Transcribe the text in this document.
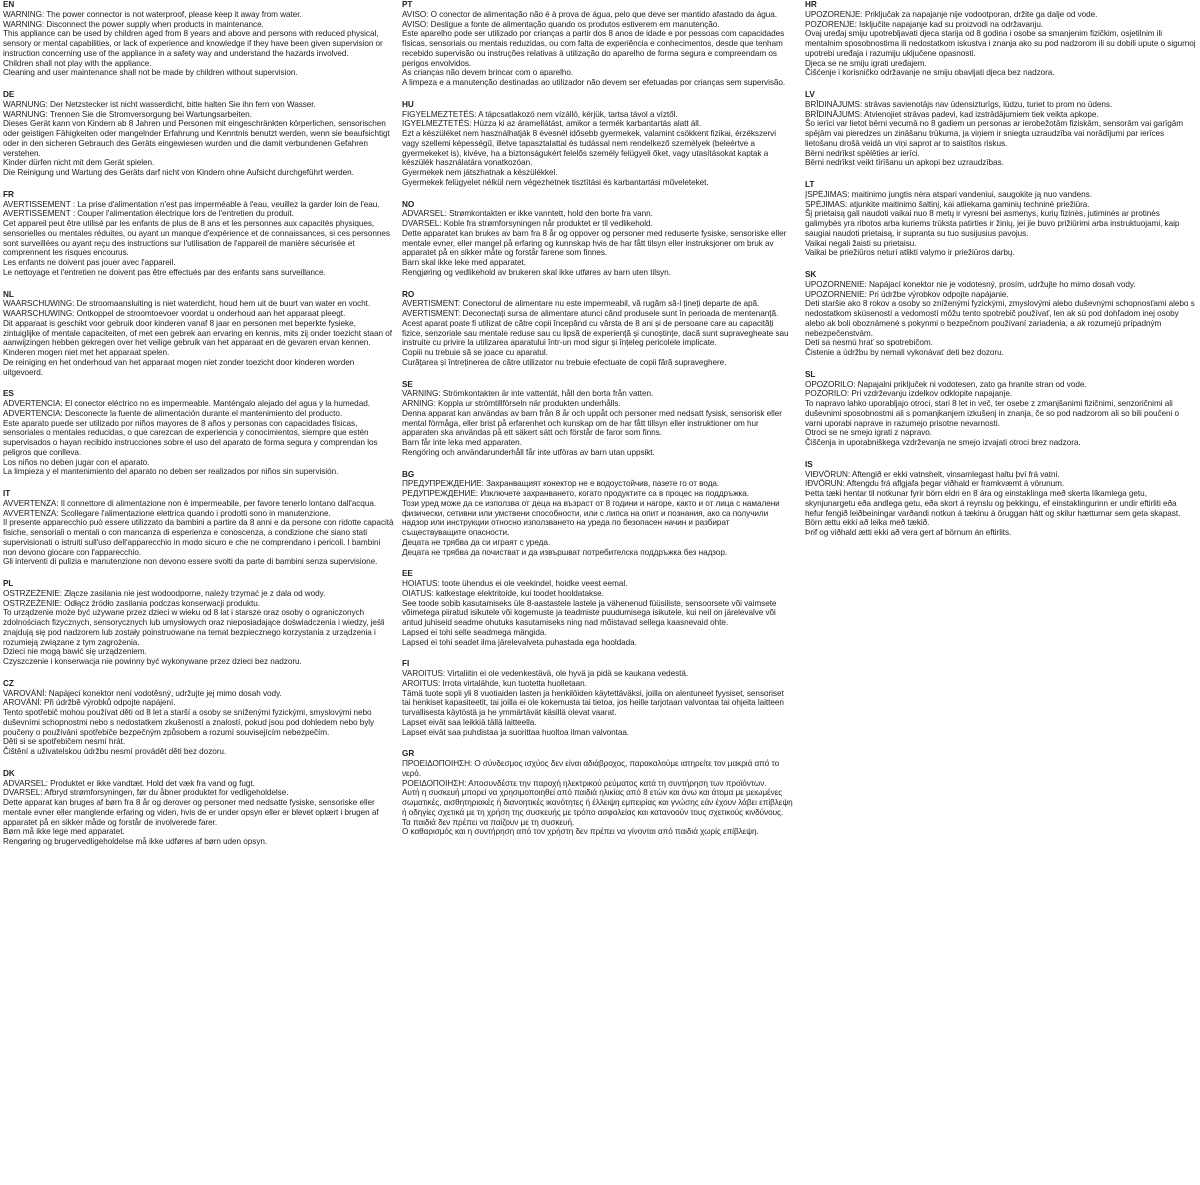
EN
WARNING: The power connector is not waterproof, please keep it away from water.
WARNING: Disconnect the power supply when products in maintenance.
This appliance can be used by children aged from 8 years and above and persons with reduced physical, sensory or mental capabilities, or lack of experience and knowledge if they have been given supervision or instruction concerning use of the appliance in a safety way and understand the hazards involved.
Children shall not play with the appliance.
Cleaning and user maintenance shall not be made by children without supervision.
DE
WARNUNG: Der Netzstecker ist nicht wasserdicht, bitte halten Sie ihn fern von Wasser.
WARNUNG: Trennen Sie die Stromversorgung bei Wartungsarbeiten.
Dieses Gerät kann von Kindern ab 8 Jahren und Personen mit eingeschränkten körperlichen, sensorischen oder geistigen Fähigkeiten oder mangelnder Erfahrung und Kenntnis benutzt werden, wenn sie beaufsichtigt oder in den sicheren Gebrauch des Geräts eingewiesen wurden und die damit verbundenen Gefahren verstehen.
Kinder dürfen nicht mit dem Gerät spielen.
Die Reinigung und Wartung des Geräts darf nicht von Kindern ohne Aufsicht durchgeführt werden.
FR
AVERTISSEMENT : La prise d'alimentation n'est pas imperméable à l'eau, veuillez la garder loin de l'eau.
AVERTISSEMENT : Couper l'alimentation électrique lors de l'entretien du produit.
Cet appareil peut être utilisé par les enfants de plus de 8 ans et les personnes aux capacités physiques, sensorielles ou mentales réduites, ou ayant un manque d'expérience et de connaissances, si ces personnes sont surveillées ou ayant reçu des instructions sur l'utilisation de l'appareil de manière sécurisée et comprennent les risques encourus.
Les enfants ne doivent pas jouer avec l'appareil.
Le nettoyage et l'entretien ne doivent pas être effectués par des enfants sans surveillance.
NL
WAARSCHUWING: De stroomaansluiting is niet waterdicht, houd hem uit de buurt van water en vocht.
WAARSCHUWING: Ontkoppel de stroomtoevoer voordat u onderhoud aan het apparaat pleegt.
Dit apparaat is geschikt voor gebruik door kinderen vanaf 8 jaar en personen met beperkte fysieke, zintuiglijke of mentale capaciteiten, of met een gebrek aan ervaring en kennis, mits zij onder toezicht staan of aanwijzingen hebben gekregen over het veilige gebruik van het apparaat en de gevaren ervan kennen.
Kinderen mogen niet met het apparaat spelen.
De reiniging en het onderhoud van het apparaat mogen niet zonder toezicht door kinderen worden uitgevoerd.
ES
ADVERTENCIA: El conector eléctrico no es impermeable. Manténgalo alejado del agua y la humedad.
ADVERTENCIA: Desconecte la fuente de alimentación durante el mantenimiento del producto.
Este aparato puede ser utilizado por niños mayores de 8 años y personas con capacidades físicas, sensoriales o mentales reducidas, o que carezcan de experiencia y conocimientos, siempre que estén supervisados o hayan recibido instrucciones sobre el uso del aparato de forma segura y comprendan los peligros que conlleva.
Los niños no deben jugar con el aparato.
La limpieza y el mantenimiento del aparato no deben ser realizados por niños sin supervisión.
IT
AVVERTENZA: Il connettore di alimentazione non è impermeabile, per favore tenerlo lontano dall'acqua.
AVVERTENZA: Scollegare l'alimentazione elettrica quando i prodotti sono in manutenzione.
Il presente apparecchio può essere utilizzato da bambini a partire da 8 anni e da persone con ridotte capacità fisiche, sensoriali o mentali o con mancanza di esperienza e conoscenza, a condizione che siano stati supervisionati o istruiti sull'uso dell'apparecchio in modo sicuro e che ne comprendano i pericoli. I bambini non devono giocare con l'apparecchio.
Gli interventi di pulizia e manutenzione non devono essere svolti da parte di bambini senza supervisione.
PL
OSTRZEŻENIE: Złącze zasilania nie jest wodoodporne, należy trzymać je z dala od wody.
OSTRZEŻENIE: Odłącz źródło zasilania podczas konserwacji produktu.
To urządzenie może być używane przez dzieci w wieku od 8 lat i starsze oraz osoby o ograniczonych zdolnościach fizycznych, sensorycznych lub umysłowych oraz nieposiadające doświadczenia i wiedzy, jeśli znajdują się pod nadzorem lub zostały poinstruowane na temat bezpiecznego korzystania z urządzenia i rozumieją związane z tym zagrożenia.
Dzieci nie mogą bawić się urządzeniem.
Czyszczenie i konserwacja nie powinny być wykonywane przez dzieci bez nadzoru.
CZ
VAROVÁNÍ: Napájecí konektor není vodotěsný, udržujte jej mimo dosah vody.
AROVÁNÍ: Při údržbě výrobků odpojte napájení.
Tento spotřebič mohou používat děti od 8 let a starší a osoby se sníženými fyzickými, smyslovými nebo duševními schopnostmi nebo s nedostatkem zkušeností a znalostí, pokud jsou pod dohledem nebo byly poučeny o používání spotřebiče bezpečným způsobem a rozumí souvisejícím nebezpečím.
Děti si se spotřebičem nesmí hrát.
Čištění a uživatelskou údržbu nesmí provádět děti bez dozoru.
DK
ADVARSEL: Produktet er ikke vandtæt. Hold det væk fra vand og fugt.
DVARSEL: Afbryd strømforsyningen, før du åbner produktet for vedligeholdelse.
Dette apparat kan bruges af børn fra 8 år og derover og personer med nedsatte fysiske, sensoriske eller mentale evner eller manglende erfaring og viden, hvis de er under opsyn eller er blevet oplært i brugen af apparatet på en sikker måde og forstår de involverede farer.
Børn må ikke lege med apparatet.
Rengøring og brugervedligeholdelse må ikke udføres af børn uden opsyn.
PT
AVISO: O conector de alimentação não é à prova de água, pelo que deve ser mantido afastado da água.
AVISO: Desligue a fonte de alimentação quando os produtos estiverem em manutenção.
Este aparelho pode ser utilizado por crianças a partir dos 8 anos de idade e por pessoas com capacidades físicas, sensoriais ou mentais reduzidas, ou com falta de experiência e conhecimentos, desde que tenham recebido supervisão ou instruções relativas à utilização do aparelho de forma segura e compreendam os perigos envolvidos.
As crianças não devem brincar com o aparelho.
A limpeza e a manutenção destinadas ao utilizador não devem ser efetuadas por crianças sem supervisão.
HU
FIGYELMEZTETÉS: A tápcsatlakozó nem vízálló, kérjük, tartsa távol a víztől.
IGYELMEZTETÉS: Húzza ki az áramellátást, amikor a termék karbantartás alatt áll.
Ezt a készüléket nem használhatják 8 évesnél idősebb gyermekek, valamint csökkent fizikai, érzékszervi vagy szellemi képességű, illetve tapasztalattal és tudással nem rendelkező személyek (beleértve a gyermekeket is), kivéve, ha a biztonságukért felelős személy felügyeli őket, vagy utasításokat kaptak a készülék használatára vonatkozóan.
Gyermekek nem játszhatnak a készülékkel.
Gyermekek felügyelet nélkül nem végezhetnek tisztítási és karbantartási műveleteket.
NO
ADVARSEL: Strømkontakten er ikke vanntett, hold den borte fra vann.
DVARSEL: Koble fra strømforsyningen når produktet er til vedlikehold.
Dette apparatet kan brukes av barn fra 8 år og oppover og personer med reduserte fysiske, sensoriske eller mentale evner, eller mangel på erfaring og kunnskap hvis de har fått tilsyn eller instruksjoner om bruk av apparatet på en sikker måte og forstår farene som finnes.
Barn skal ikke leke med apparatet.
Rengjøring og vedlikehold av brukeren skal ikke utføres av barn uten tilsyn.
RO
AVERTISMENT: Conectorul de alimentare nu este impermeabil, vă rugăm să-l țineți departe de apă.
AVERTISMENT: Deconectați sursa de alimentare atunci când produsele sunt în perioada de mentenanță.
Acest aparat poate fi utilizat de către copii începând cu vârsta de 8 ani și de persoane care au capacități fizice, senzoriale sau mentale reduse sau cu lipsă de experiență și cunoștințe, dacă sunt supravegheate sau instruite cu privire la utilizarea aparatului într-un mod sigur și înțeleg pericolele implicate.
Copiii nu trebuie să se joace cu aparatul.
Curățarea și întreținerea de către utilizator nu trebuie efectuate de copii fără supraveghere.
SE
VARNING: Strömkontakten är inte vattentät, håll den borta från vatten.
ARNING: Koppla ur strömtillförseln när produkten underhålls.
Denna apparat kan användas av barn från 8 år och uppåt och personer med nedsatt fysisk, sensorisk eller mental förmåga, eller brist på erfarenhet och kunskap om de har fått tillsyn eller instruktioner om hur apparaten ska användas på ett säkert sätt och förstår de faror som finns.
Barn får inte leka med apparaten.
Rengöring och användarunderhåll får inte utföras av barn utan uppsikt.
BG
ПРЕДУПРЕЖДЕНИЕ: Захранващият конектор не е водоустойчив, пазете го от вода.
РЕДУПРЕЖДЕНИЕ: Изключете захранването, когато продуктите са в процес на поддръжка.
Този уред може да се използва от деца на възраст от 8 години и нагоре, както и от лица с намалени физически, сетивни или умствени способности, или с липса на опит и познания, ако са получили надзор или инструкции относно използването на уреда по безопасен начин и разбират съществуващите опасности.
Децата не трябва да си играят с уреда.
Децата не трябва да почистват и да извършват потребителска поддръжка без надзор.
EE
HOIATUS: toote ühendus ei ole veekindel, hoidke veest eemal.
OIATUS: katkestage elektritoide, kui toodet hooldatakse.
See toode sobib kasutamiseks üle 8-aastastele lastele ja vähenenud füüsiliste, sensoorsete või vaimsete võimetega piiratud isikutele või kogemuste ja teadmiste puudumisega isikutele, kui neil on järelevalve või antud juhiseid seadme ohutuks kasutamiseks ning nad mõistavad sellega kaasnevaid ohte.
Lapsed ei tohi selle seadmega mängida.
Lapsed ei tohi seadet ilma järelevalveta puhastada ega hooldada.
FI
VAROITUS: Virtaliitin ei ole vedenkestävä, ole hyvä ja pidä se kaukana vedestä.
AROITUS: Irrota virtalähde, kun tuotetta huolletaan.
Tämä tuote sopii yli 8 vuotiaiden lasten ja henkilöiden käytettäväksi, joilla on alentuneet fyysiset, sensoriset tai henkiset kapasiteetit, tai joilla ei ole kokemusta tai tietoa, jos heille tarjotaan valvontaa tai ohjeita laitteen turvallisesta käytöstä ja he ymmärtävät käsillä olevat vaarat.
Lapset eivät saa leikkiä tällä laitteella.
Lapset eivät saa puhdistaa ja suorittaa huoltoa ilman valvontaa.
GR
ΠΡΟΕΙΔΟΠΟΙΗΣΗ: Ο σύνδεσμος ισχύος δεν είναι αδιάβροχος, παρακαλούμε ιατηρείτε τον μακριά από το νερό.
ΡΟΕΙΔΟΠΟΙΗΣΗ: Αποσυνδέστε την παροχή ηλεκτρικού ρεύματος κατά τη συντήρηση των προϊόντων.
Αυτή η συσκευή μπορεί να χρησιμοποιηθεί από παιδιά ηλικίας από 8 ετών και άνω και άτομα με μειωμένες σωματικές, αισθητηριακές ή διανοητικές ικανότητες ή έλλειψη εμπειρίας και γνώσης εάν έχουν λάβει επίβλεψη ή οδηγίες σχετικά με τη χρήση της συσκευής με τρόπο ασφαλείας και κατανοούν τους σχετικούς κινδύνους.
Τα παιδιά δεν πρέπει να παίζουν με τη συσκευή.
Ο καθαρισμός και η συντήρηση από τον χρήστη δεν πρέπει να γίνονται από παιδιά χωρίς επίβλεψη.
HR
UPOZORENJE: Priključak za napajanje nije vodootporan, držite ga dalje od vode.
POZORENJE: Isključite napajanje kad su proizvodi na održavanju.
Ovaj uređaj smiju upotrebljavati djeca starija od 8 godina i osobe sa smanjenim fizičkim, osjetilnim ili mentalnim sposobnostima ili nedostatkom iskustva i znanja ako su pod nadzorom ili su dobili upute o sigurnoj upotrebi uređaja i razumiju uključene opasnosti.
Djeca se ne smiju igrati uređajem.
Čišćenje i korisničko održavanje ne smiju obavljati djeca bez nadzora.
LV
BRĪDINĀJUMS: strāvas savienotājs nav ūdensizturīgs, lūdzu, turiet to prom no ūdens.
BRĪDINĀJUMS: Atvienojiet strāvas padevi, kad izstrādājumiem tiek veikta apkope.
Šo ierīci var lietot bērni vecumā no 8 gadiem un personas ar ierobežotām fiziskām, sensorām vai garīgām spējām vai pieredzes un zināšanu trūkuma, ja viņiem ir sniegta uzraudzība vai norādījumi par ierīces lietošanu drošā veidā un viņi saprot ar to saistītos riskus.
Bērni nedrīkst spēlēties ar ierīci.
Bērni nedrīkst veikt tīrīšanu un apkopi bez uzraudzības.
LT
ĮSPĖJIMAS: maitinimo jungtis nėra atspari vandeniui, saugokite ją nuo vandens.
SPĖJIMAS: atjunkite maitinimo šaltinį, kai atliekama gaminių techninė priežiūra.
Šį prietaisą gali naudoti vaikai nuo 8 metų ir vyresni bei asmenys, kurių fizinės, jutiminės ar protinės galimybės yra ribotos arba kuriems trūksta patirties ir žinių, jei jie buvo prižiūrimi arba instruktuojami, kaip saugiai naudoti prietaisą, ir supranta su tuo susijusius pavojus.
Vaikai negali žaisti su prietaisu.
Vaikai be priežiūros neturi atlikti valymo ir priežiūros darbų.
SK
UPOZORNENIE: Napájací konektor nie je vodotesný, prosím, udržujte ho mimo dosah vody.
UPOZORNENIE: Pri údržbe výrobkov odpojte napájanie.
Deti staršie ako 8 rokov a osoby so zníženými fyzickými, zmyslovými alebo duševnými schopnosťami alebo s nedostatkom skúseností a vedomostí môžu tento spotrebič používať, len ak sú pod dohľadom inej osoby alebo ak boli oboznámené s pokynmi o bezpečnom používaní zariadenia, a ak rozumejú prípadným nebezpečenstvám.
Deti sa nesmú hrať so spotrebičom.
Čistenie a údržbu by nemali vykonávať deti bez dozoru.
SL
OPOZORILO: Napajalni priključek ni vodotesen, zato ga hranite stran od vode.
POZORILO: Pri vzdrževanju izdelkov odklopite napajanje.
To napravo lahko uporabljajo otroci, stari 8 let in več, ter osebe z zmanjšanimi fizičnimi, senzoričnimi ali duševnimi sposobnostmi ali s pomanjkanjem izkušenj in znanja, če so pod nadzorom ali so bili poučeni o varni uporabi naprave in razumejo prisotne nevarnosti.
Otroci se ne smejo igrati z napravo.
Čiščenja in uporabniškega vzdrževanja ne smejo izvajati otroci brez nadzora.
IS
VIÐVÖRUN: Aftengið er ekki vatnshelt, vinsamlegast haltu því frá vatni.
IÐVÖRUN: Aftengdu frá aflgjafa þegar viðhald er framkvæmt á vörunum.
Þetta tæki hentar til notkunar fyrir börn eldri en 8 ára og einstaklinga með skerta líkamlega getu, skynjunargetu eða andlega getu, eða skort á reynslu og þekkingu, ef einstaklingurinn er undir eftirliti eða hefur fengið leiðbeiningar varðandi notkun á tækinu á öruggan hátt og skilur hætturnar sem geta skapast.
Börn ættu ekki að leika með tækið.
Þrif og viðhald ætti ekki að vera gert af börnum án eftirlits.
